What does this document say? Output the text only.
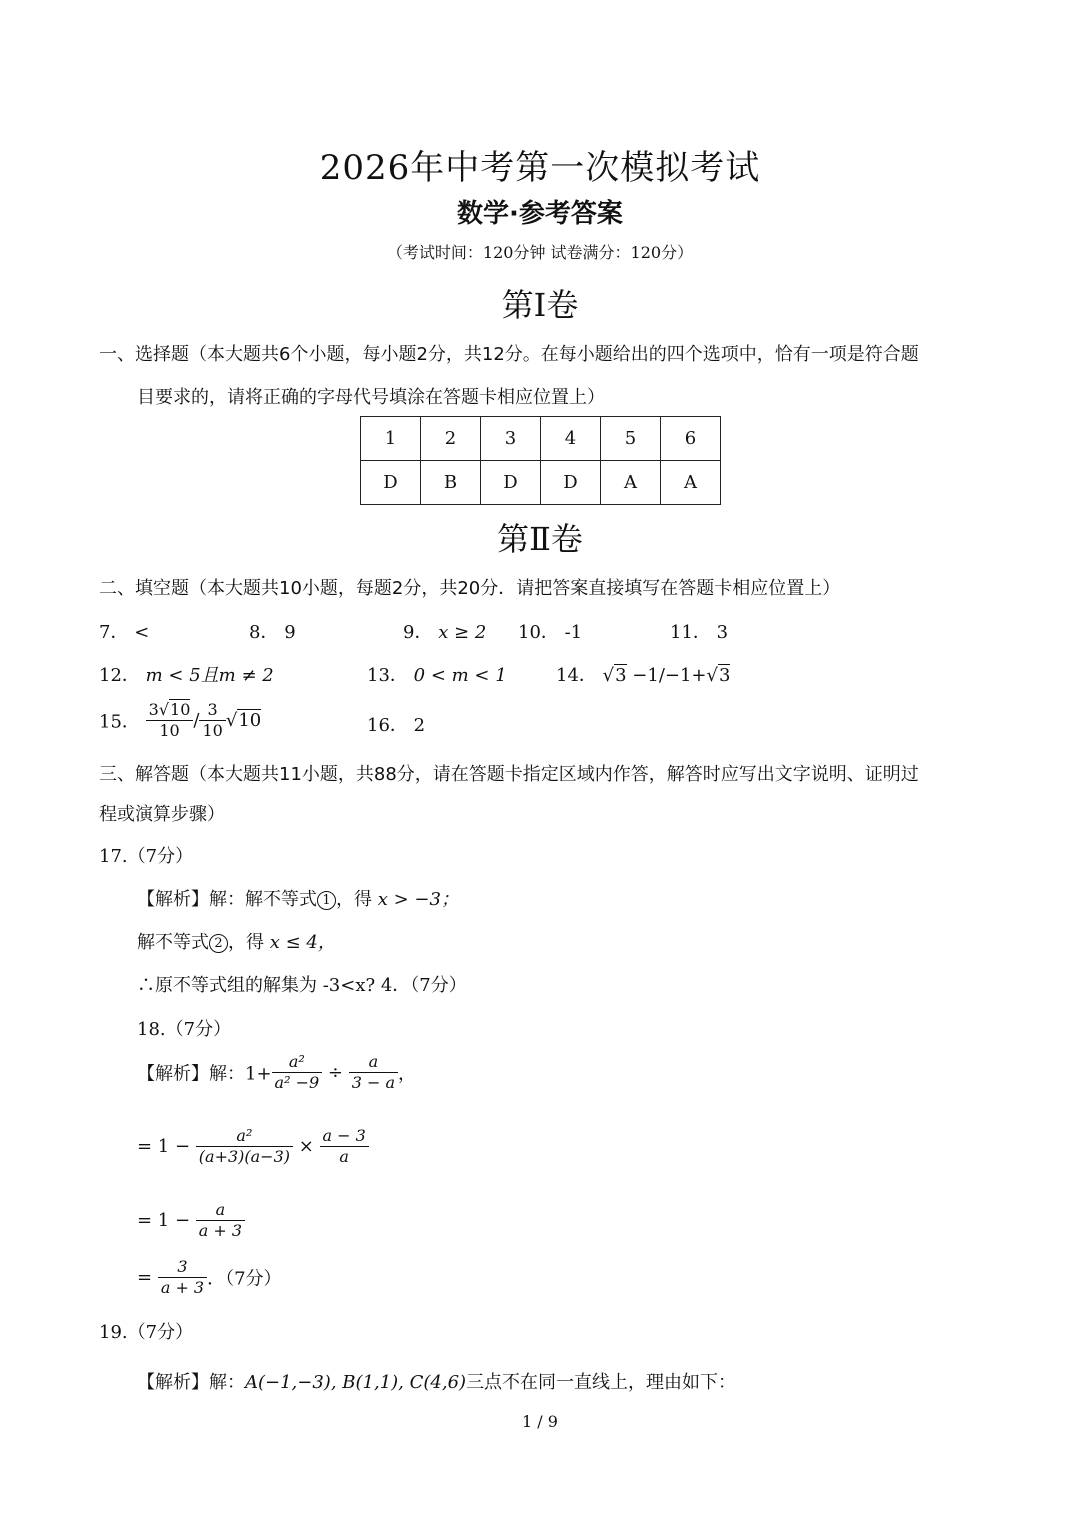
2026年中考第一次模拟考试
数学·参考答案
（考试时间：120分钟 试卷满分：120分）
第Ⅰ卷
一、选择题（本大题共6个小题，每小题2分，共12分。在每小题给出的四个选项中，恰有一项是符合题
目要求的，请将正确的字母代号填涂在答题卡相应位置上）
1	2	3	4	5	6
D	B	D	D	A	A
第Ⅱ卷
二、填空题（本大题共10小题，每题2分，共20分．请把答案直接填写在答题卡相应位置上）
7． <	8． 9	9． x ≥ 2 10． -1	11． 3
12． m < 5且m ≠ 2	13． 0 < m < 1	14． √3 −1/−1+√3
15． $\frac{3√10}{10} / \frac{3}{10} √10$	16． 2
三、解答题（本大题共11小题，共88分，请在答题卡指定区域内作答，解答时应写出文字说明、证明过
程或演算步骤）
17.（7分）
【解析】解：解不等式 1 ，得 x > −3；
解不等式 2 ，得 x ≤ 4，
∴原不等式组的解集为 -3<x? 4．（7分）
18.（7分）
【解析】解：$1+ \frac{\text{a²}}{\text{a² −9}} \div \frac{a}{3 - a}$ ，
= $1 - \frac{\text{a²}}{(a+3)(a-3)} \times \frac{a - 3}{a}$
= $1 - \frac{a}{a + 3}$
= $\frac{3}{a + 3}$ ．（7分）
19.（7分）
【解析】解：A(−1,−3), B(1,1), C(4,6)三点不在同一直线上，理由如下：
1 / 9
